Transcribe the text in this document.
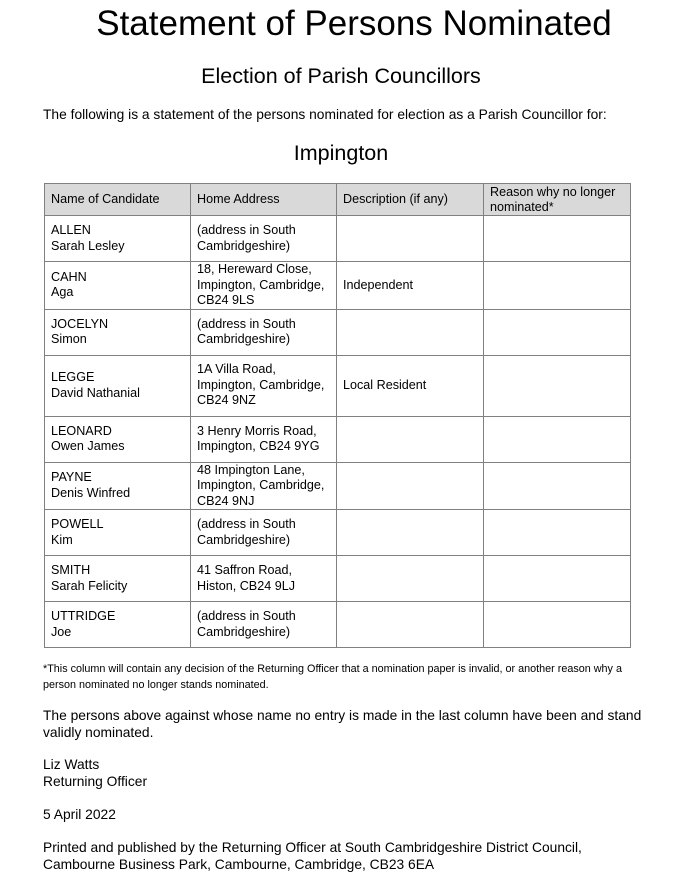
Statement of Persons Nominated
Election of Parish Councillors
The following is a statement of the persons nominated for election as a Parish Councillor for:
Impington
Name of Candidate	Home Address	Description (if any)	Reason why no longer nominated*

ALLEN
Sarah Lesley	(address in South Cambridgeshire)		

CAHN
Aga	18, Hereward Close, Impington, Cambridge, CB24 9LS	Independent	

JOCELYN
Simon	(address in South Cambridgeshire)		

LEGGE
David Nathanial	1A Villa Road, Impington, Cambridge, CB24 9NZ	Local Resident	

LEONARD
Owen James	3 Henry Morris Road, Impington, CB24 9YG		

PAYNE
Denis Winfred	48 Impington Lane, Impington, Cambridge, CB24 9NJ		

POWELL
Kim	(address in South Cambridgeshire)		

SMITH
Sarah Felicity	41 Saffron Road, Histon, CB24 9LJ		

UTTRIDGE
Joe	(address in South Cambridgeshire)		
*This column will contain any decision of the Returning Officer that a nomination paper is invalid, or another reason why a person nominated no longer stands nominated.
The persons above against whose name no entry is made in the last column have been and stand validly nominated.
Liz Watts
Returning Officer
5 April 2022
Printed and published by the Returning Officer at South Cambridgeshire District Council, Cambourne Business Park, Cambourne, Cambridge, CB23 6EA
